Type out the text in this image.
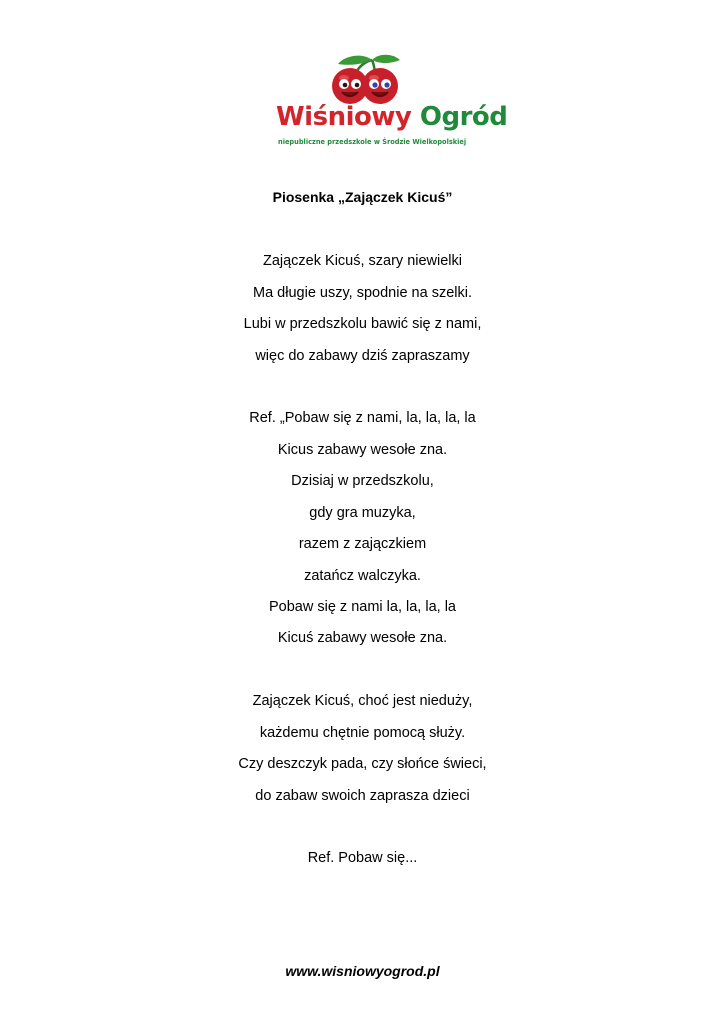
Wiśniowy Ogród
niepubliczne przedszkole w Środzie Wielkopolskiej
Piosenka „Zajączek Kicuś”
Zajączek Kicuś, szary niewielki
Ma długie uszy, spodnie na szelki.
Lubi w przedszkolu bawić się z nami,
więc do zabawy dziś zapraszamy
Ref. „Pobaw się z nami, la, la, la, la
Kicus zabawy wesołe zna.
Dzisiaj w przedszkolu,
gdy gra muzyka,
razem z zajączkiem
zatańcz walczyka.
Pobaw się z nami la, la, la, la
Kicuś zabawy wesołe zna.
Zajączek Kicuś, choć jest nieduży,
każdemu chętnie pomocą służy.
Czy deszczyk pada, czy słońce świeci,
do zabaw swoich zaprasza dzieci
Ref. Pobaw się...
www.wisniowyogrod.pl
